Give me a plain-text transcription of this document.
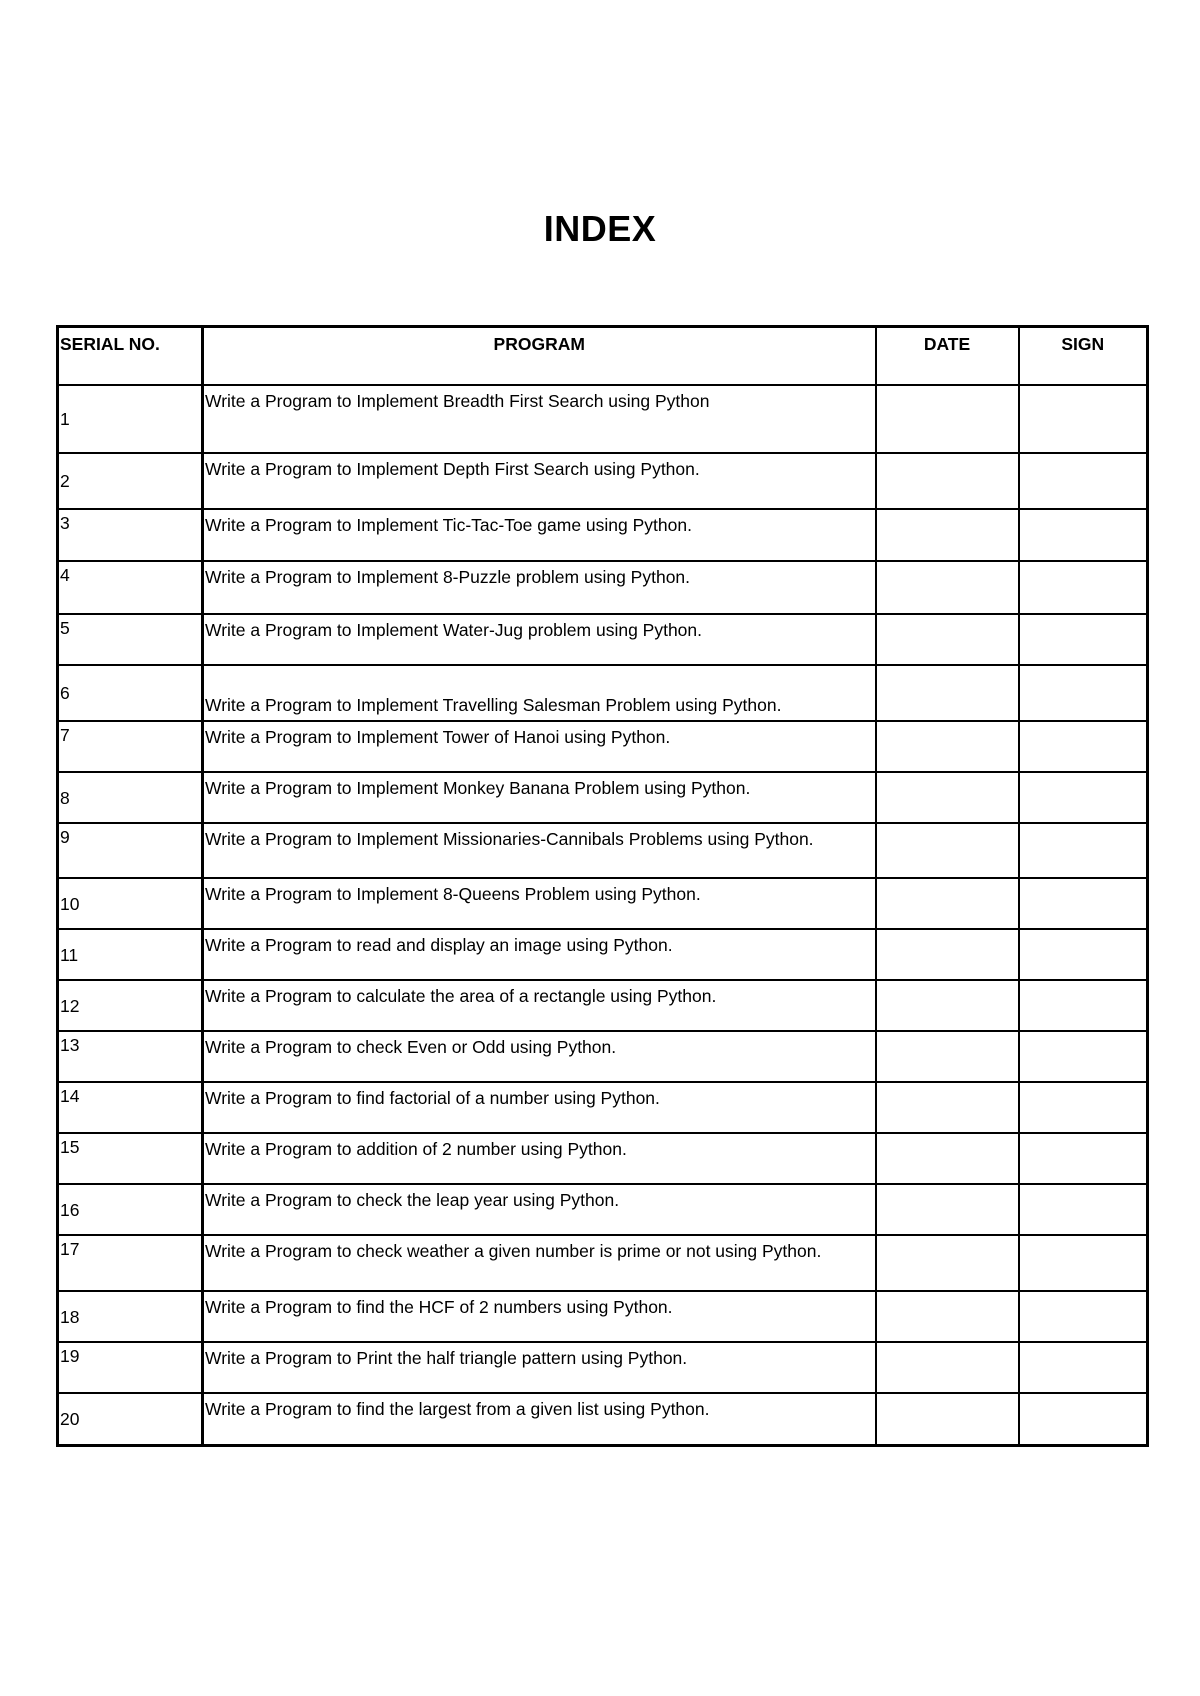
INDEX
SERIAL NO.	PROGRAM	DATE	SIGN
1	Write a Program to Implement Breadth First Search using Python		
2	Write a Program to Implement Depth First Search using Python.		
3	Write a Program to Implement Tic-Tac-Toe game using Python.		
4	Write a Program to Implement 8-Puzzle problem using Python.		
5	Write a Program to Implement Water-Jug problem using Python.		
6	Write a Program to Implement Travelling Salesman Problem using Python.		
7	Write a Program to Implement Tower of Hanoi using Python.		
8	Write a Program to Implement Monkey Banana Problem using Python.		
9	Write a Program to Implement Missionaries-Cannibals Problems using Python.		
10	Write a Program to Implement 8-Queens Problem using Python.		
11	Write a Program to read and display an image using Python.		
12	Write a Program to calculate the area of a rectangle using Python.		
13	Write a Program to check Even or Odd using Python.		
14	Write a Program to find factorial of a number using Python.		
15	Write a Program to addition of 2 number using Python.		
16	Write a Program to check the leap year using Python.		
17	Write a Program to check weather a given number is prime or not using Python.		
18	Write a Program to find the HCF of 2 numbers using Python.		
19	Write a Program to Print the half triangle pattern using Python.		
20	Write a Program to find the largest from a given list using Python.		
